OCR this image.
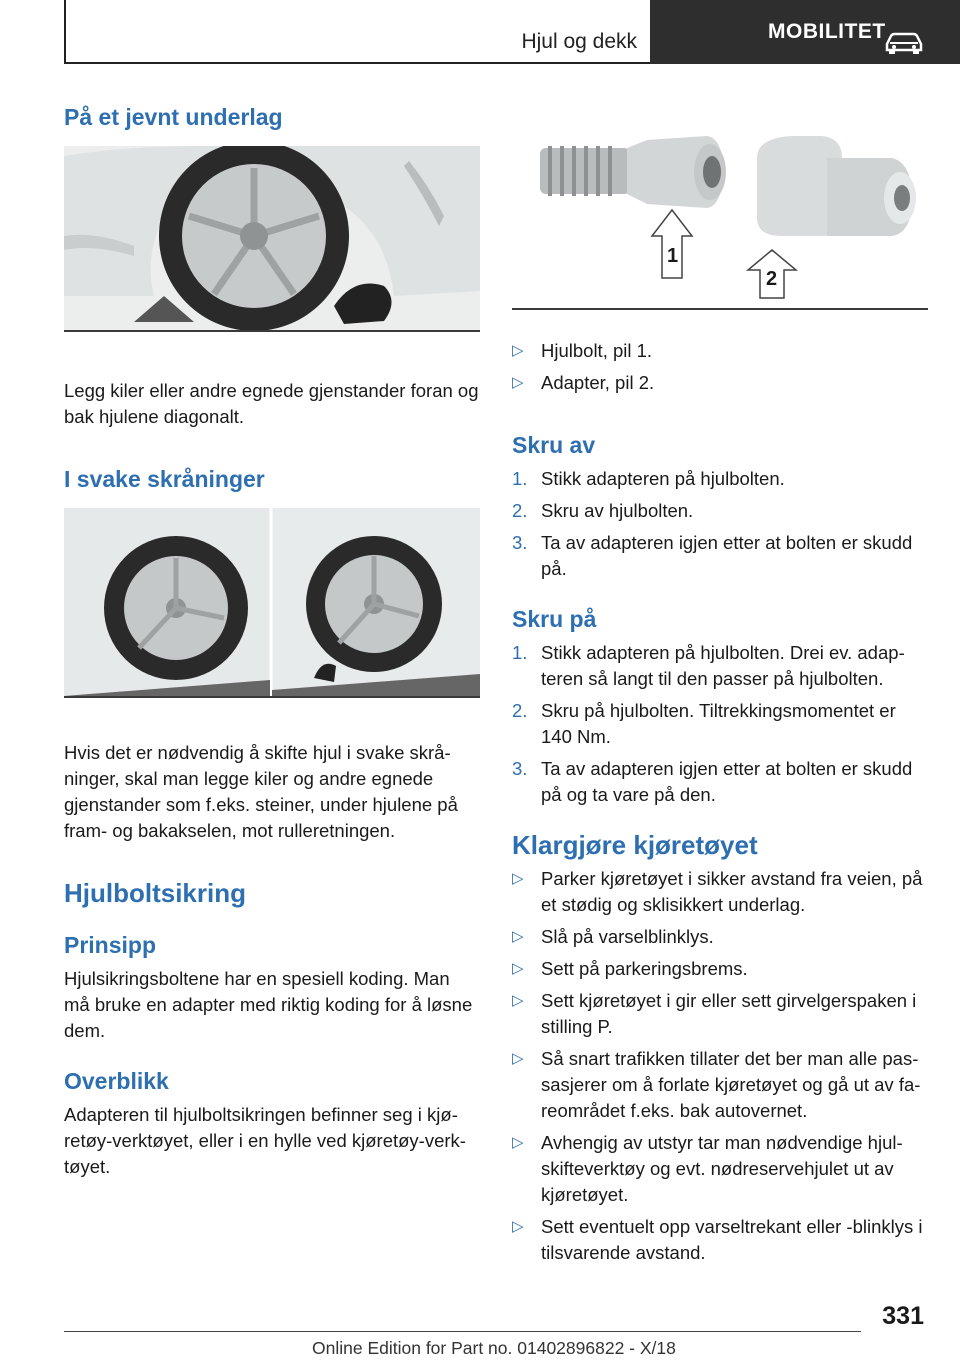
Hjul og dekk	MOBILITET
På et jevnt underlag

Legg kiler eller andre egnede gjenstander foran og bak hjulene diagonalt.

I svake skråninger

Hvis det er nødvendig å skifte hjul i svake skråninger, skal man legge kiler og andre egnede gjenstander som f.eks. steiner, under hjulene på fram- og bakakselen, mot rulleretningen.

Hjulboltsikring
Prinsipp

Hjulsikringsboltene har en spesiell koding. Man må bruke en adapter med riktig koding for å løsne dem.

Overblikk

Adapteren til hjulboltsikringen befinner seg i kjøretøy-verktøyet, eller i en hylle ved kjøretøy-verktøyet.

1
2
▷ Hjulbolt, pil 1.
▷ Adapter, pil 2.
Skru av
1. Stikk adapteren på hjulbolten.
2. Skru av hjulbolten.
3. Ta av adapteren igjen etter at bolten er skudd på.
Skru på
1. Stikk adapteren på hjulbolten. Drei ev. adapteren så langt til den passer på hjulbolten.
2. Skru på hjulbolten. Tiltrekkingsmomentet er 140 Nm.
3. Ta av adapteren igjen etter at bolten er skudd på og ta vare på den.
Klargjøre kjøretøyet
▷ Parker kjøretøyet i sikker avstand fra veien, på et stødig og sklisikkert underlag.
▷ Slå på varselblinklys.
▷ Sett på parkeringsbrems.
▷ Sett kjøretøyet i gir eller sett girvelgerspaken i stilling P.
▷ Så snart trafikken tillater det ber man alle passasjerer om å forlate kjøretøyet og gå ut av fareområdet f.eks. bak autovernet.
▷ Avhengig av utstyr tar man nødvendige hjulskifteverktøy og evt. nødreservehjulet ut av kjøretøyet.
▷ Sett eventuelt opp varseltrekant eller -blinklys i tilsvarende avstand.
331
Online Edition for Part no. 01402896822 - X/18
